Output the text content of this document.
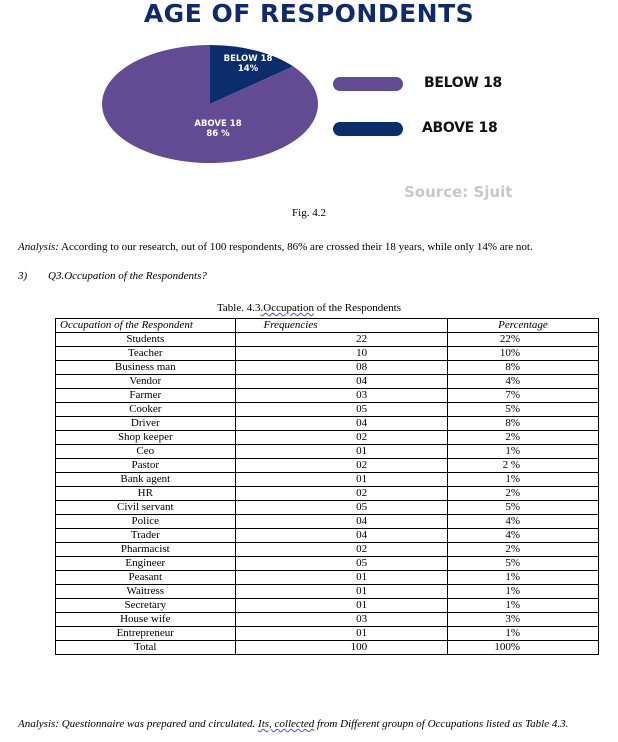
AGE OF RESPONDENTS
BELOW 18
14%
ABOVE 18
86 %
BELOW 18
ABOVE 18
Source: Sjuit
Fig. 4.2
Analysis: According to our research, out of 100 respondents, 86% are crossed their 18 years, while only 14% are not.
3) Q3.Occupation of the Respondents?
Table. 4.3.Occupation of the Respondents
Occupation of the Respondent	Frequencies	Percentage
Students	22	22%
Teacher	10	10%
Business man	08	8%
Vendor	04	4%
Farmer	03	7%
Cooker	05	5%
Driver	04	8%
Shop keeper	02	2%
Ceo	01	1%
Pastor	02	2 %
Bank agent	01	1%
HR	02	2%
Civil servant	05	5%
Police	04	4%
Trader	04	4%
Pharmacist	02	2%
Engineer	05	5%
Peasant	01	1%
Waitress	01	1%
Secretary	01	1%
House wife	03	3%
Entrepreneur	01	1%
Total	100	100%
Analysis: Questionnaire was prepared and circulated. Its, collected from Different groupn of Occupations listed as Table 4.3.
